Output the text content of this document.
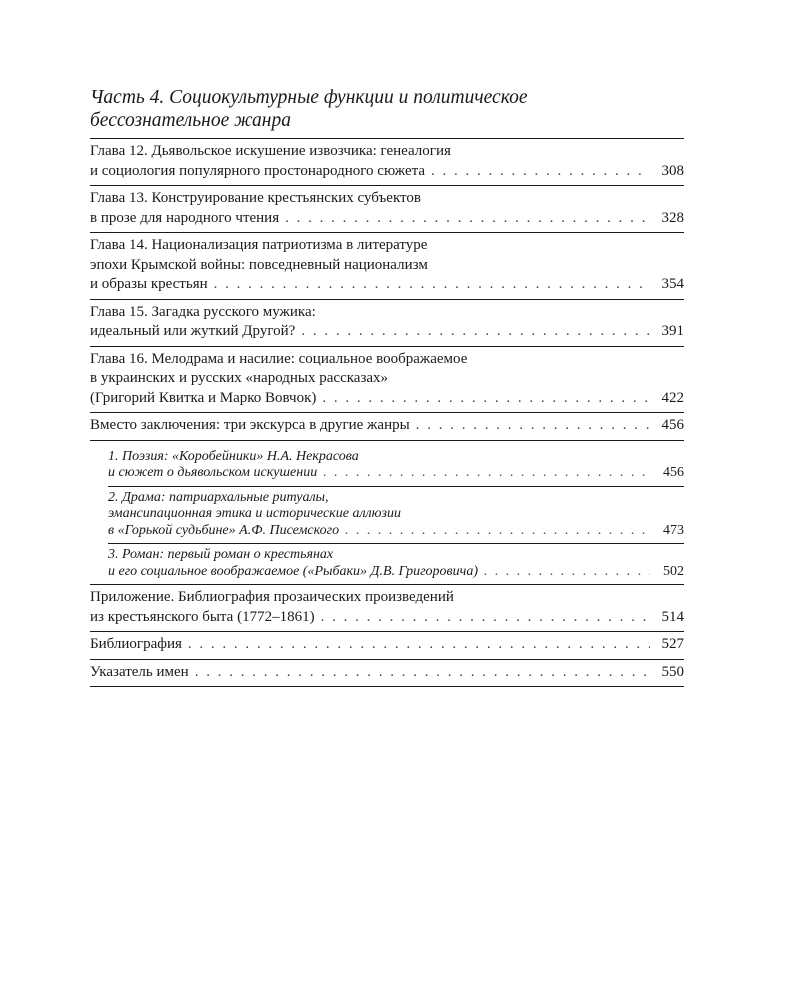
Часть 4. Социокультурные функции и политическое
бессознательное жанра
Глава 12. Дьявольское искушение извозчика: генеалогия
и социология популярного простонародного сюжета . . .	308
Глава 13. Конструирование крестьянских субъектов
в прозе для народного чтения . . .	328
Глава 14. Национализация патриотизма в литературе
эпохи Крымской войны: повседневный национализм
и образы крестьян . . .	354
Глава 15. Загадка русского мужика:
идеальный или жуткий Другой? . . .	391
Глава 16. Мелодрама и насилие: социальное воображаемое
в украинских и русских «народных рассказах»
(Григорий Квитка и Марко Вовчок) . . .	422
Вместо заключения: три экскурса в другие жанры . . .	456
1. Поэзия: «Коробейники» Н.А. Некрасова
и сюжет о дьявольском искушении . . .	456
2. Драма: патриархальные ритуалы,
эмансипационная этика и исторические аллюзии
в «Горькой судьбине» А.Ф. Писемского . . .	473
3. Роман: первый роман о крестьянах
и его социальное воображаемое («Рыбаки» Д.В. Григоровича) . . .	502
Приложение. Библиография прозаических произведений
из крестьянского быта (1772–1861) . . .	514
Библиография . . .	527
Указатель имен . . .	550
